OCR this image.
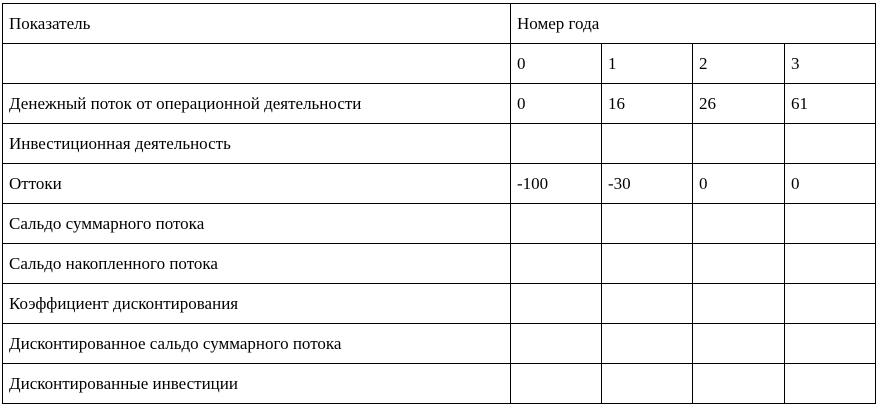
Показатель	Номер года			
	0	1	2	3
Денежный поток от операционной деятельности	0	16	26	61
Инвестиционная деятельность				
Оттоки	-100	-30	0	0
Сальдо суммарного потока				
Сальдо накопленного потока				
Коэффициент дисконтирования				
Дисконтированное сальдо суммарного потока				
Дисконтированные инвестиции				
